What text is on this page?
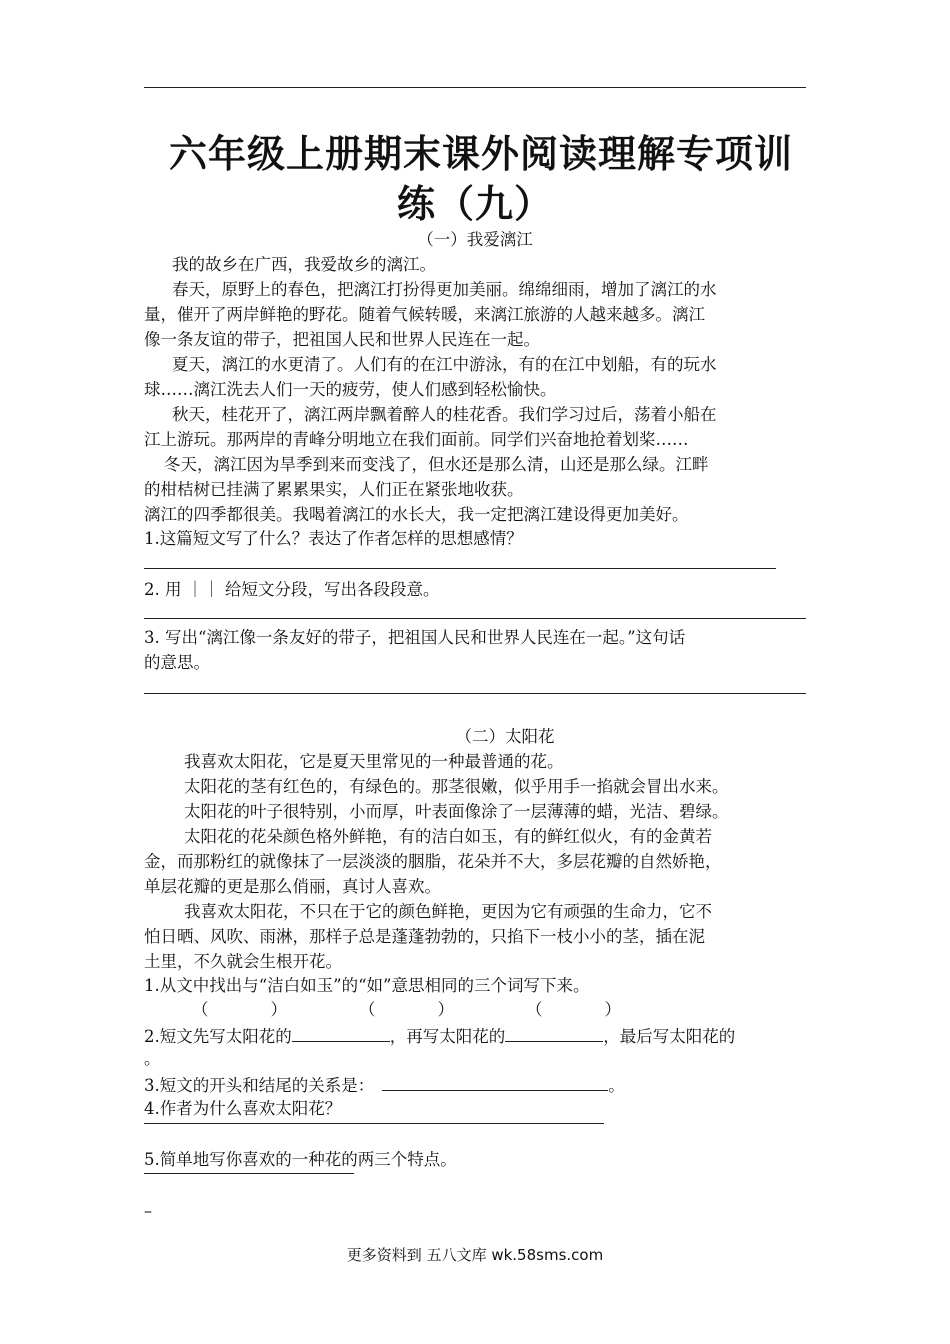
六年级上册期末课外阅读理解专项训
练（九）
（一）我爱漓江
我的故乡在广西，我爱故乡的漓江。
春天，原野上的春色，把漓江打扮得更加美丽。绵绵细雨，增加了漓江的水
量，催开了两岸鲜艳的野花。随着气候转暖，来漓江旅游的人越来越多。漓江
像一条友谊的带子，把祖国人民和世界人民连在一起。
夏天，漓江的水更清了。人们有的在江中游泳，有的在江中划船，有的玩水
球……漓江洗去人们一天的疲劳，使人们感到轻松愉快。
秋天，桂花开了，漓江两岸飘着醉人的桂花香。我们学习过后，荡着小船在
江上游玩。那两岸的青峰分明地立在我们面前。同学们兴奋地抢着划桨……
冬天，漓江因为旱季到来而变浅了，但水还是那么清，山还是那么绿。江畔
的柑桔树已挂满了累累果实，人们正在紧张地收获。
漓江的四季都很美。我喝着漓江的水长大，我一定把漓江建设得更加美好。
1.这篇短文写了什么？表达了作者怎样的思想感情？
2. 用 ｜｜ 给短文分段，写出各段段意。
3. 写出“漓江像一条友好的带子，把祖国人民和世界人民连在一起。”这句话
的意思。
（二）太阳花
我喜欢太阳花，它是夏天里常见的一种最普通的花。
太阳花的茎有红色的，有绿色的。那茎很嫩，似乎用手一掐就会冒出水来。
太阳花的叶子很特别，小而厚，叶表面像涂了一层薄薄的蜡，光洁、碧绿。
太阳花的花朵颜色格外鲜艳，有的洁白如玉，有的鲜红似火，有的金黄若
金，而那粉红的就像抹了一层淡淡的胭脂，花朵并不大，多层花瓣的自然娇艳，
单层花瓣的更是那么俏丽，真讨人喜欢。
我喜欢太阳花，不只在于它的颜色鲜艳，更因为它有顽强的生命力，它不
怕日晒、风吹、雨淋，那样子总是蓬蓬勃勃的，只掐下一枝小小的茎，插在泥
土里，不久就会生根开花。
1.从文中找出与“洁白如玉”的“如”意思相同的三个词写下来。
（	）	（	）	（	）
2.短文先写太阳花的	，再写太阳花的	，最后写太阳花的
。
3.短文的开头和结尾的关系是：	。
4.作者为什么喜欢太阳花？
5.简单地写你喜欢的一种花的两三个特点。
–
更多资料到 五八文库 wk.58sms.com
